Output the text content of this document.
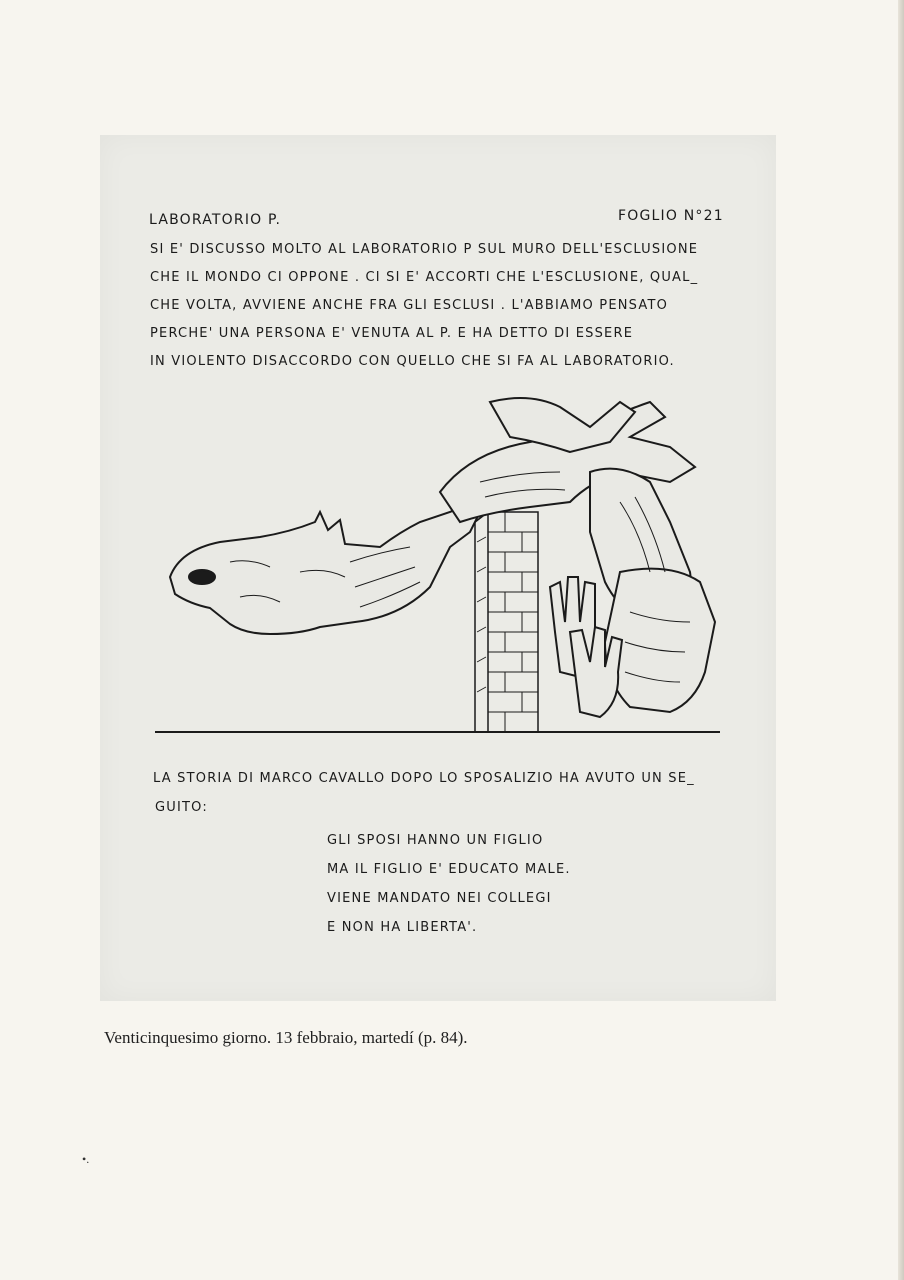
LABORATORIO P.	FOGLIO N°21
SI E' DISCUSSO MOLTO AL LABORATORIO P SUL MURO DELL'ESCLUSIONE
CHE IL MONDO CI OPPONE . CI SI E' ACCORTI CHE L'ESCLUSIONE, QUAL_
CHE VOLTA, AVVIENE ANCHE FRA GLI ESCLUSI . L'ABBIAMO PENSATO
PERCHE' UNA PERSONA E' VENUTA AL P. E HA DETTO DI ESSERE
IN VIOLENTO DISACCORDO CON QUELLO CHE SI FA AL LABORATORIO.
LA STORIA DI MARCO CAVALLO DOPO LO SPOSALIZIO HA AVUTO UN SE_
GUITO:
GLI SPOSI HANNO UN FIGLIO
MA IL FIGLIO E' EDUCATO MALE.
VIENE MANDATO NEI COLLEGI
E NON HA LIBERTA'.
Venticinquesimo giorno. 13 febbraio, martedí (p. 84).
•.
